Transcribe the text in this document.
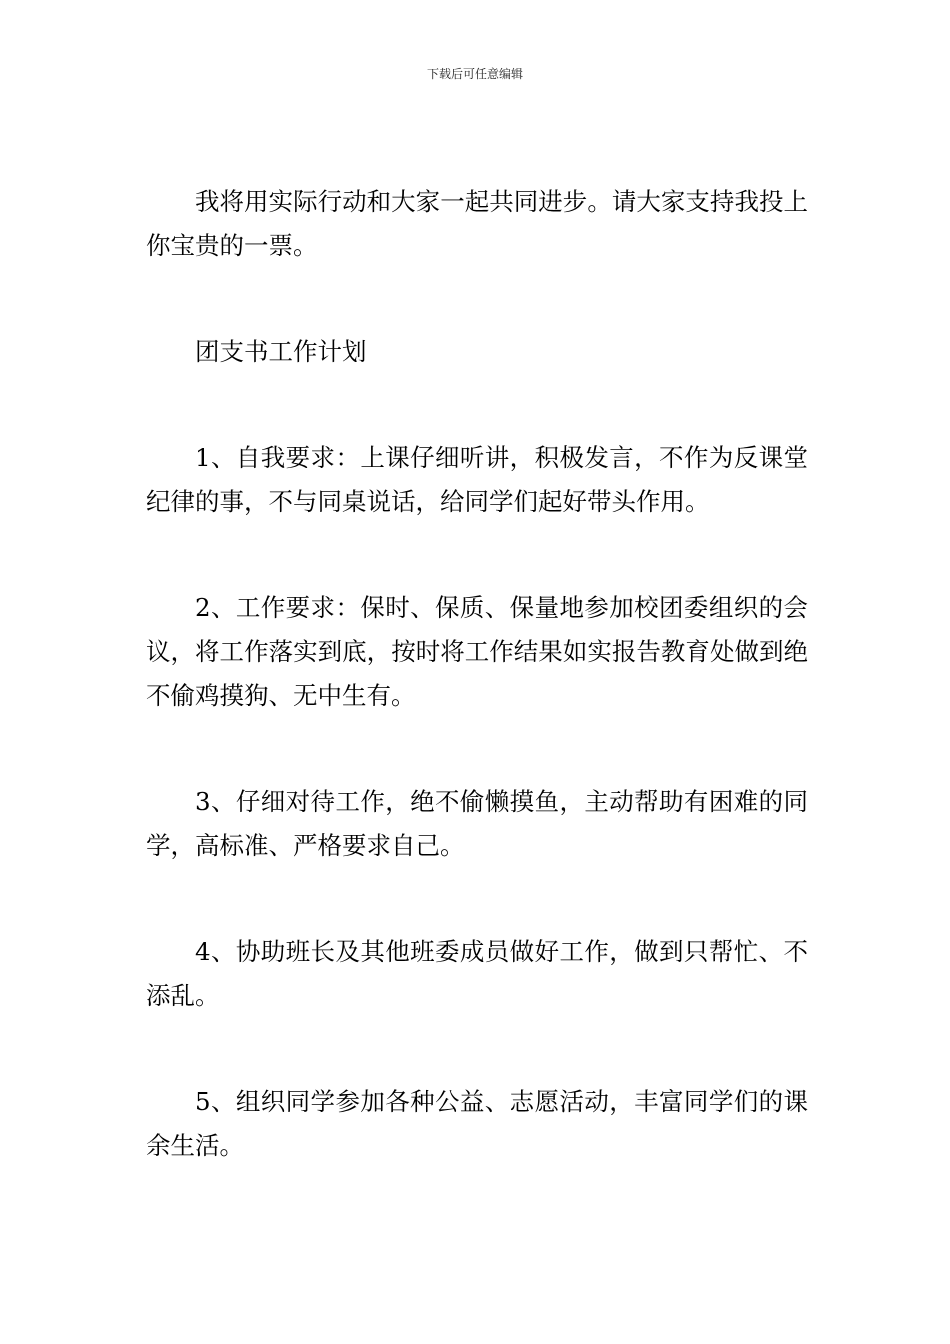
下载后可任意编辑

我将用实际行动和大家一起共同进步。请大家支持我投上你宝贵的一票。

团支书工作计划

1、自我要求：上课仔细听讲，积极发言，不作为反课堂纪律的事，不与同桌说话，给同学们起好带头作用。

2、工作要求：保时、保质、保量地参加校团委组织的会议，将工作落实到底，按时将工作结果如实报告教育处做到绝不偷鸡摸狗、无中生有。

3、仔细对待工作，绝不偷懒摸鱼，主动帮助有困难的同学，高标准、严格要求自己。

4、协助班长及其他班委成员做好工作，做到只帮忙、不添乱。

5、组织同学参加各种公益、志愿活动，丰富同学们的课余生活。
